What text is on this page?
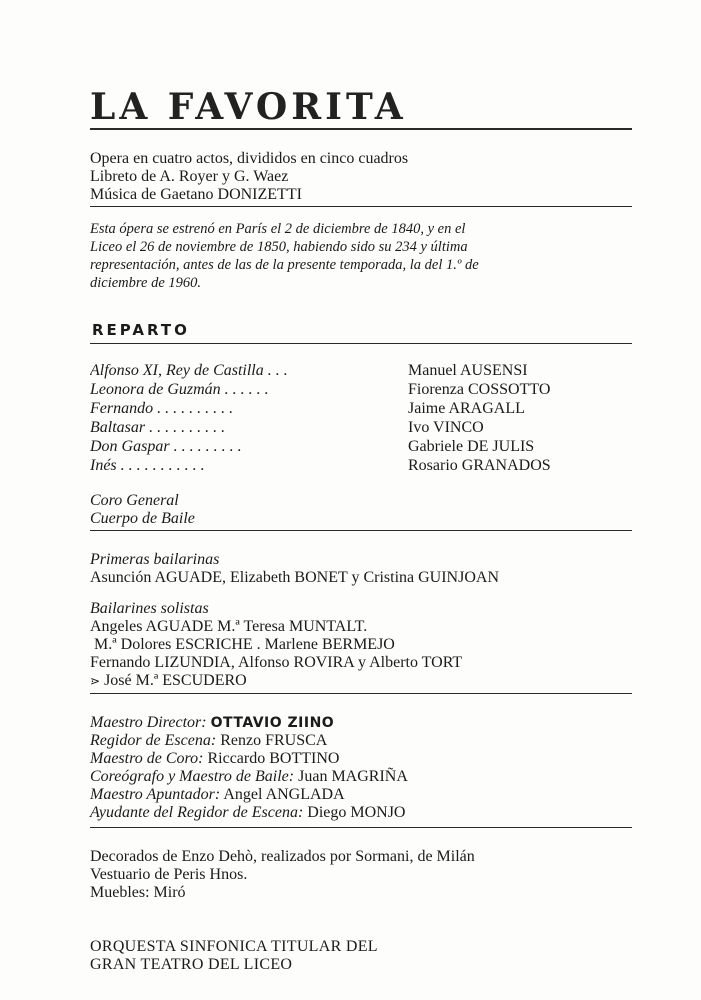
LA FAVORITA
Opera en cuatro actos, divididos en cinco cuadros
Libreto de A. Royer y G. Waez
Música de Gaetano DONIZETTI
Esta ópera se estrenó en París el 2 de diciembre de 1840, y en el
Liceo el 26 de noviembre de 1850, habiendo sido su 234 y última
representación, antes de las de la presente temporada, la del 1.º de
diciembre de 1960.
REPARTO
Alfonso XI, Rey de Castilla . . .	Manuel AUSENSI
Leonora de Guzmán . . . . . .	Fiorenza COSSOTTO
Fernando . . . . . . . . . .	Jaime ARAGALL
Baltasar . . . . . . . . . .	Ivo VINCO
Don Gaspar . . . . . . . . .	Gabriele DE JULIS
Inés . . . . . . . . . . .	Rosario GRANADOS
Coro General
Cuerpo de Baile
Primeras bailarinas
Asunción AGUADE, Elizabeth BONET y Cristina GUINJOAN
Bailarines solistas
Angeles AGUADE M.ª Teresa MUNTALT.
M.ª Dolores ESCRICHE . Marlene BERMEJO
Fernando LIZUNDIA, Alfonso ROVIRA y Alberto TORT
⋗ José M.ª ESCUDERO
Maestro Director: OTTAVIO ZIINO
Regidor de Escena: Renzo FRUSCA
Maestro de Coro: Riccardo BOTTINO
Coreógrafo y Maestro de Baile: Juan MAGRIÑA
Maestro Apuntador: Angel ANGLADA
Ayudante del Regidor de Escena: Diego MONJO
Decorados de Enzo Dehò, realizados por Sormani, de Milán
Vestuario de Peris Hnos.
Muebles: Miró
ORQUESTA SINFONICA TITULAR DEL
GRAN TEATRO DEL LICEO
